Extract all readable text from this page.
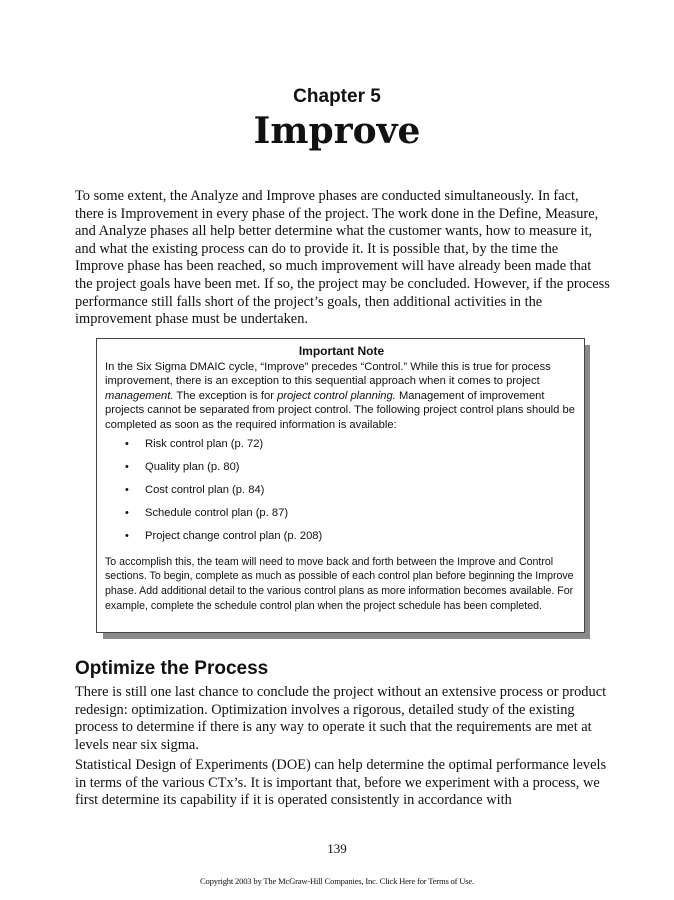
Chapter 5
Improve

To some extent, the Analyze and Improve phases are conducted simultaneously. In fact, there is Improvement in every phase of the project. The work done in the Define, Measure, and Analyze phases all help better determine what the customer wants, how to measure it, and what the existing process can do to provide it. It is possible that, by the time the Improve phase has been reached, so much improvement will have already been made that the project goals have been met. If so, the project may be concluded. However, if the process performance still falls short of the project’s goals, then additional activities in the improvement phase must be undertaken.

Important Note

In the Six Sigma DMAIC cycle, “Improve” precedes “Control.” While this is true for process improvement, there is an exception to this sequential approach when it comes to project management. The exception is for project control planning. Management of improvement projects cannot be separated from project control. The following project control plans should be completed as soon as the required information is available:

• Risk control plan (p. 72)
• Quality plan (p. 80)
• Cost control plan (p. 84)
• Schedule control plan (p. 87)
• Project change control plan (p. 208)

To accomplish this, the team will need to move back and forth between the Improve and Control sections. To begin, complete as much as possible of each control plan before beginning the Improve phase. Add additional detail to the various control plans as more information becomes available. For example, complete the schedule control plan when the project schedule has been completed.

Optimize the Process

There is still one last chance to conclude the project without an extensive process or product redesign: optimization. Optimization involves a rigorous, detailed study of the existing process to determine if there is any way to operate it such that the requirements are met at levels near six sigma.

Statistical Design of Experiments (DOE) can help determine the optimal performance levels in terms of the various CTx’s. It is important that, before we experiment with a process, we first determine its capability if it is operated consistently in accordance with

139
Copyright 2003 by The McGraw-Hill Companies, Inc. Click Here for Terms of Use.
